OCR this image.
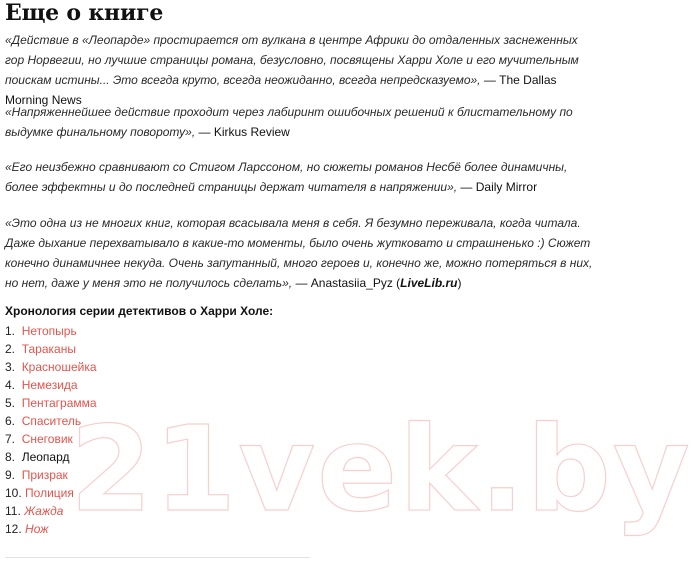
Еще о книге

«Действие в «Леопарде» простирается от вулкана в центре Африки до отдаленных заснеженных гор Норвегии, но лучшие страницы романа, безусловно, посвящены Харри Холе и его мучительным поискам истины... Это всегда круто, всегда неожиданно, всегда непредсказуемо», — The Dallas Morning News

«Напряженнейшее действие проходит через лабиринт ошибочных решений к блистательному по выдумке финальному повороту», — Kirkus Review

«Его неизбежно сравнивают со Стигом Ларссоном, но сюжеты романов Несбё более динамичны, более эффектны и до последней страницы держат читателя в напряжении», — Daily Mirror

«Это одна из не многих книг, которая всасывала меня в себя. Я безумно переживала, когда читала. Даже дыхание перехватывало в какие-то моменты, было очень жутковато и страшненько :) Сюжет конечно динамичнее некуда. Очень запутанный, много героев и, конечно же, можно потеряться в них, но нет, даже у меня это не получилось сделать», — Anastasiia_Pyz (LiveLib.ru)

Хронология серии детективов о Харри Холе:

1. Нетопырь
2. Тараканы
3. Красношейка
4. Немезида
5. Пентаграмма
6. Спаситель
7. Снеговик
8. Леопард
9. Призрак
10. Полиция
11. Жажда
12. Нож 21vek.by
